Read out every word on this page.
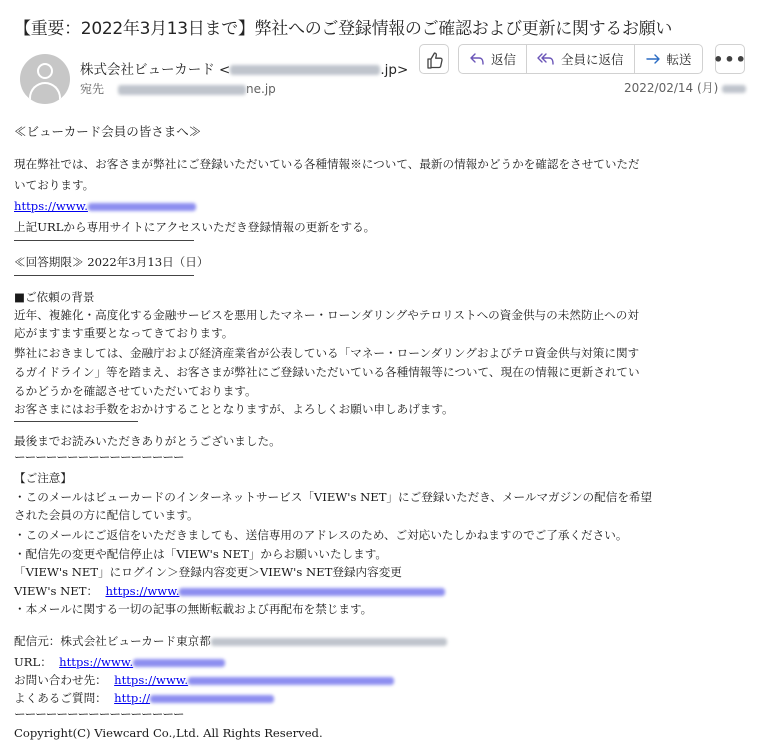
【重要：2022年3月13日まで】弊社へのご登録情報のご確認および更新に関するお願い
株式会社ビューカード <	.jp>
宛先	ne.jp
返信	全員に返信	転送 •••
2022/02/14 (月)
≪ビューカード会員の皆さまへ≫
現在弊社では、お客さまが弊社にご登録いただいている各種情報※について、最新の情報かどうかを確認をさせていただ
いております。
https://www.
上記URLから専用サイトにアクセスいただき登録情報の更新をする。
≪回答期限≫ 2022年3月13日（日）
■ご依頼の背景
近年、複雑化・高度化する金融サービスを悪用したマネー・ローンダリングやテロリストへの資金供与の未然防止への対
応がますます重要となってきております。
弊社におきましては、金融庁および経済産業省が公表している「マネー・ローンダリングおよびテロ資金供与対策に関す
るガイドライン」等を踏まえ、お客さまが弊社にご登録いただいている各種情報等について、現在の情報に更新されてい
るかどうかを確認させていただいております。
お客さまにはお手数をおかけすることとなりますが、よろしくお願い申しあげます。
最後までお読みいただきありがとうございました。
ーーーーーーーーーーーーーーーー
【ご注意】
・このメールはビューカードのインターネットサービス「VIEW's NET」にご登録いただき、メールマガジンの配信を希望
された会員の方に配信しています。
・このメールにご返信をいただきましても、送信専用のアドレスのため、ご対応いたしかねますのでご了承ください。
・配信先の変更や配信停止は「VIEW's NET」からお願いいたします。
「VIEW's NET」にログイン＞登録内容変更＞VIEW's NET登録内容変更
VIEW's NET： https://www.
・本メールに関する一切の記事の無断転載および再配布を禁じます。
配信元：株式会社ビューカード東京都
URL： https://www.
お問い合わせ先： https://www.
よくあるご質問： http://
ーーーーーーーーーーーーーーーー
Copyright(C) Viewcard Co.,Ltd. All Rights Reserved.
